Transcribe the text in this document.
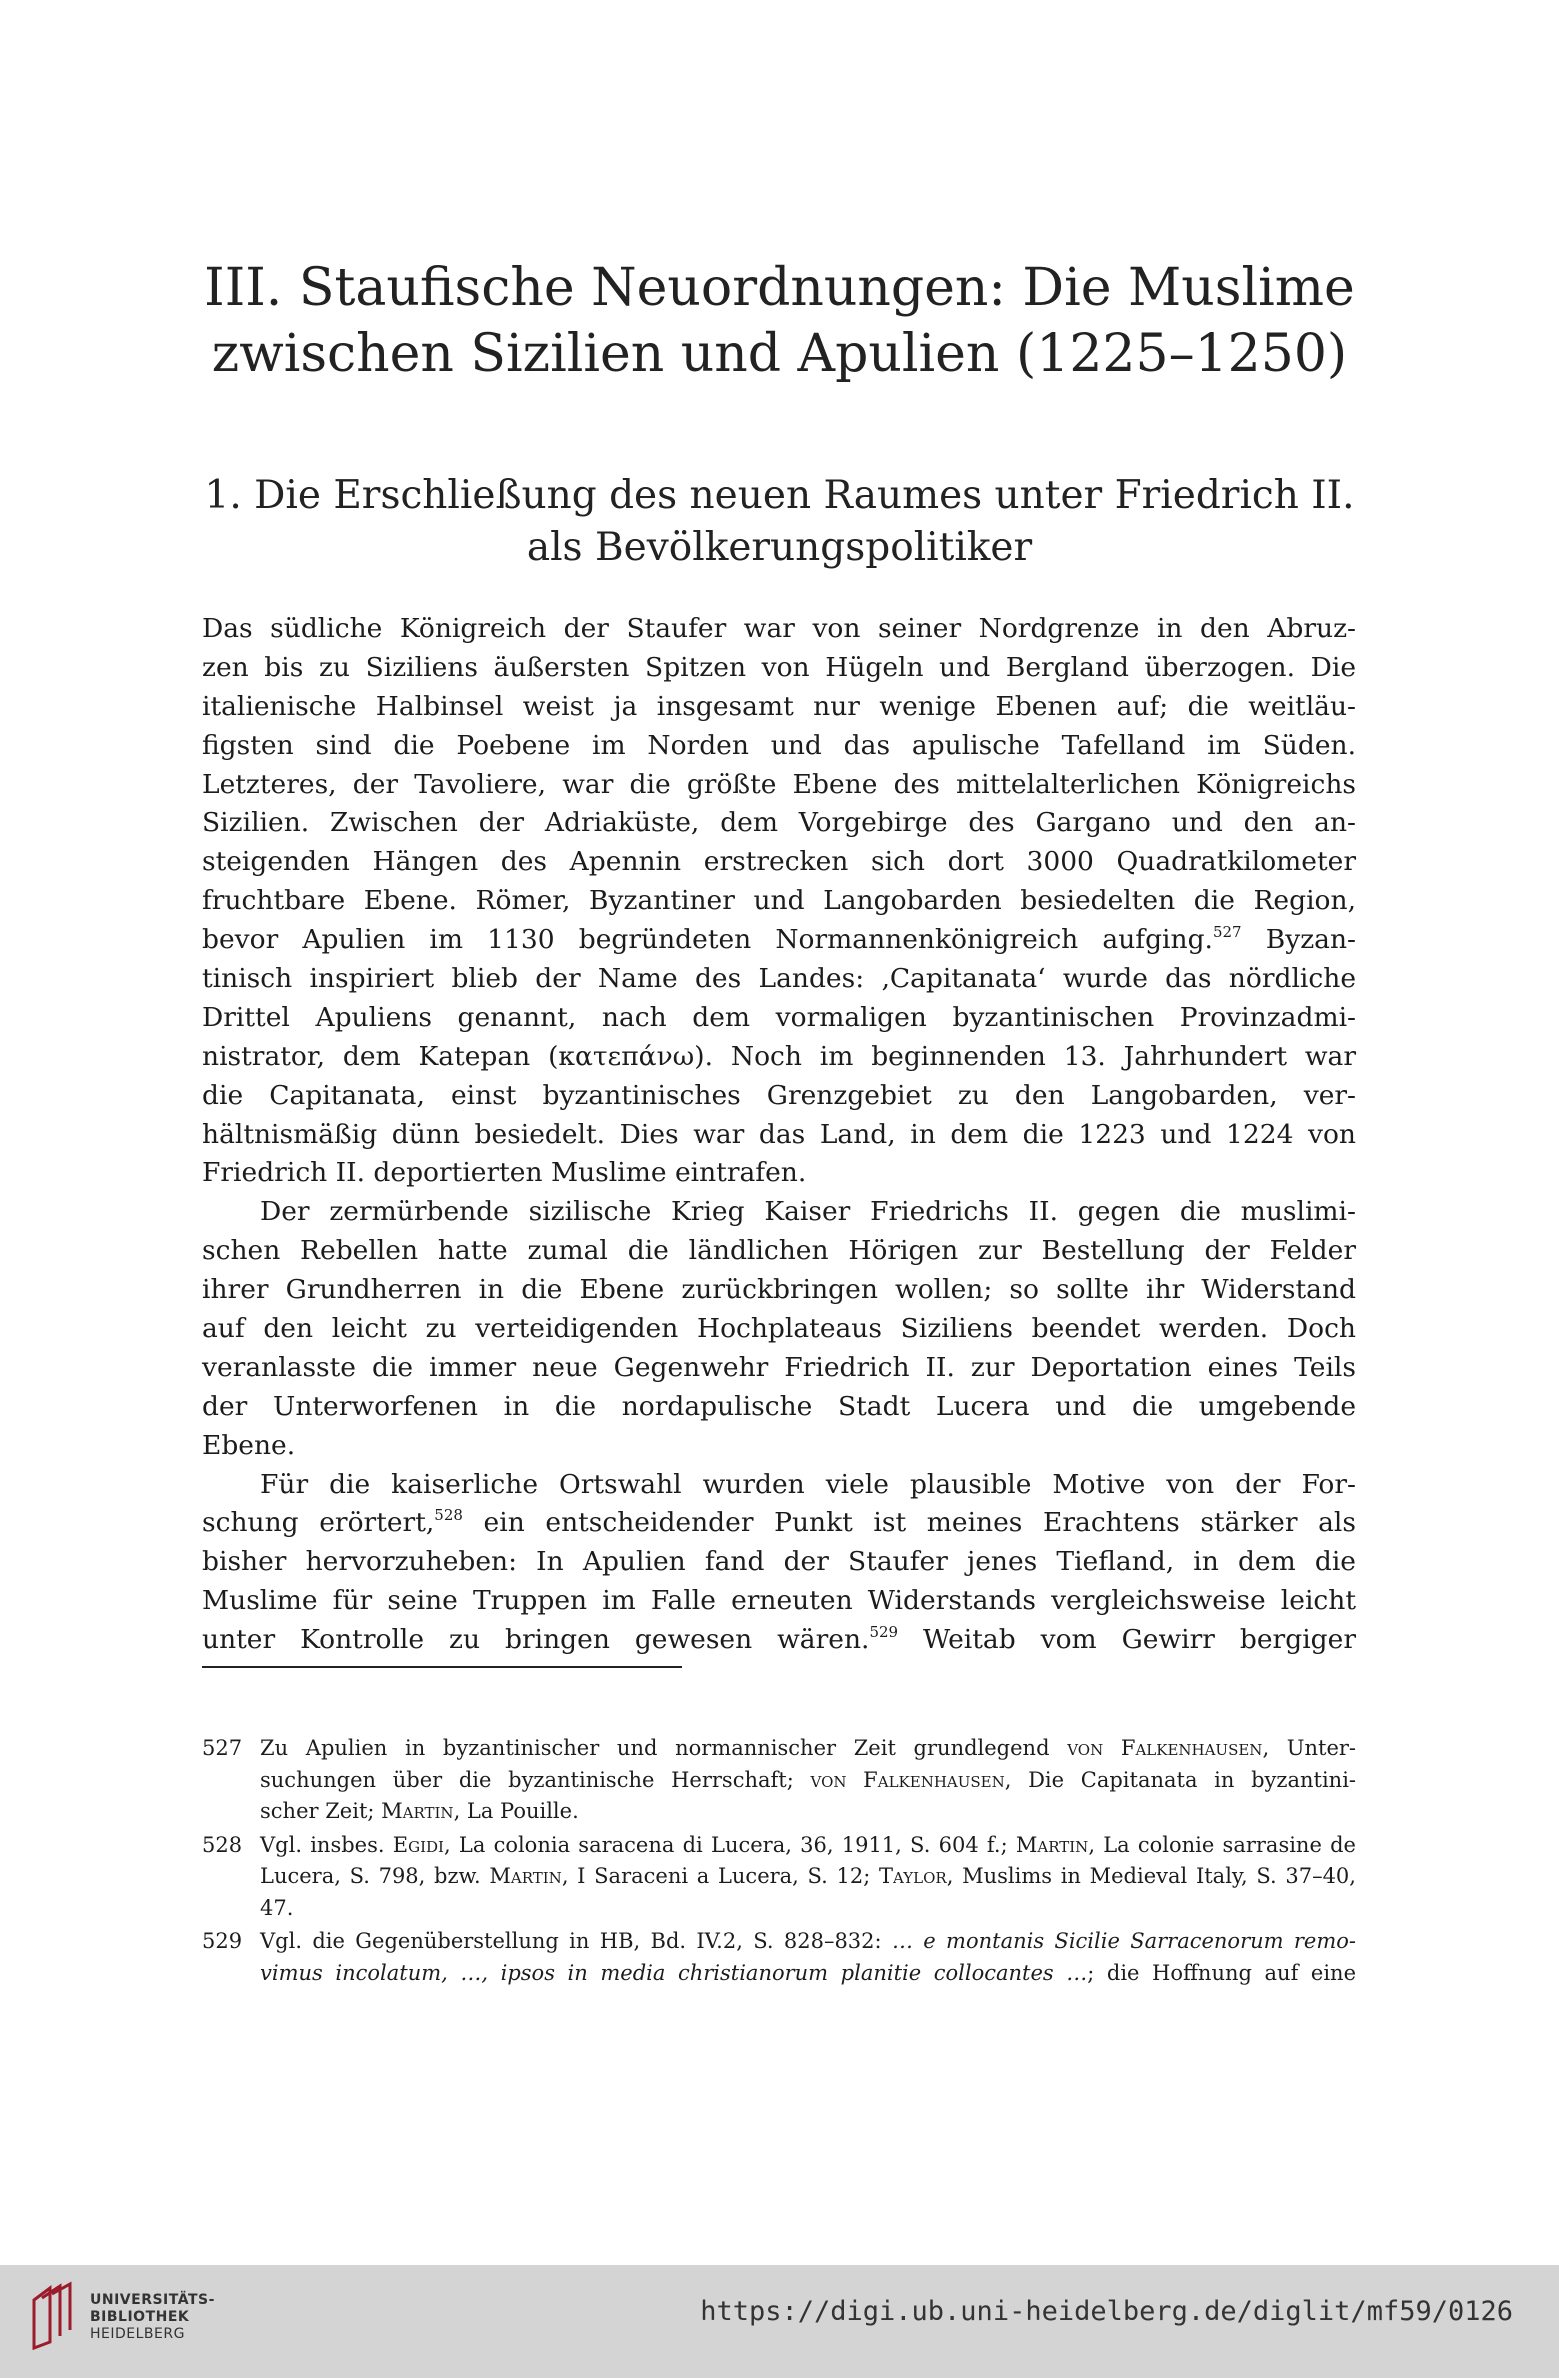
III. Staufische Neuordnungen: Die Muslime
zwischen Sizilien und Apulien (1225–1250)
1. Die Erschließung des neuen Raumes unter Friedrich II.
als Bevölkerungspolitiker
Das südliche Königreich der Staufer war von seiner Nordgrenze in den Abruz-
zen bis zu Siziliens äußersten Spitzen von Hügeln und Bergland überzogen. Die
italienische Halbinsel weist ja insgesamt nur wenige Ebenen auf; die weitläu-
figsten sind die Poebene im Norden und das apulische Tafelland im Süden.
Letzteres, der Tavoliere, war die größte Ebene des mittelalterlichen Königreichs
Sizilien. Zwischen der Adriaküste, dem Vorgebirge des Gargano und den an-
steigenden Hängen des Apennin erstrecken sich dort 3000 Quadratkilometer
fruchtbare Ebene. Römer, Byzantiner und Langobarden besiedelten die Region,
bevor Apulien im 1130 begründeten Normannenkönigreich aufging.$^{527}$ Byzan-
tinisch inspiriert blieb der Name des Landes: ‚Capitanata‘ wurde das nördliche
Drittel Apuliens genannt, nach dem vormaligen byzantinischen Provinzadmi-
nistrator, dem Katepan (κατεπάνω). Noch im beginnenden 13. Jahrhundert war
die Capitanata, einst byzantinisches Grenzgebiet zu den Langobarden, ver-
hältnismäßig dünn besiedelt. Dies war das Land, in dem die 1223 und 1224 von
Friedrich II. deportierten Muslime eintrafen.
Der zermürbende sizilische Krieg Kaiser Friedrichs II. gegen die muslimi-
schen Rebellen hatte zumal die ländlichen Hörigen zur Bestellung der Felder
ihrer Grundherren in die Ebene zurückbringen wollen; so sollte ihr Widerstand
auf den leicht zu verteidigenden Hochplateaus Siziliens beendet werden. Doch
veranlasste die immer neue Gegenwehr Friedrich II. zur Deportation eines Teils
der Unterworfenen in die nordapulische Stadt Lucera und die umgebende
Ebene.
Für die kaiserliche Ortswahl wurden viele plausible Motive von der For-
schung erörtert,$^{528}$ ein entscheidender Punkt ist meines Erachtens stärker als
bisher hervorzuheben: In Apulien fand der Staufer jenes Tiefland, in dem die
Muslime für seine Truppen im Falle erneuten Widerstands vergleichsweise leicht
unter Kontrolle zu bringen gewesen wären.$^{529}$ Weitab vom Gewirr bergiger
527 Zu Apulien in byzantinischer und normannischer Zeit grundlegend von Falkenhausen, Unter-
suchungen über die byzantinische Herrschaft; von Falkenhausen, Die Capitanata in byzantini-
scher Zeit; Martin, La Pouille.
528 Vgl. insbes. Egidi, La colonia saracena di Lucera, 36, 1911, S. 604 f.; Martin, La colonie sarrasine de
Lucera, S. 798, bzw. Martin, I Saraceni a Lucera, S. 12; Taylor, Muslims in Medieval Italy, S. 37–40,
47.
529 Vgl. die Gegenüberstellung in HB, Bd. IV.2, S. 828–832: … e montanis Sicilie Sarracenorum remo-
vimus incolatum, …, ipsos in media christianorum planitie collocantes …; die Hoffnung auf eine
UNIVERSITÄTS-
BIBLIOTHEK
HEIDELBERG
https://digi.ub.uni-heidelberg.de/diglit/mf59/0126
